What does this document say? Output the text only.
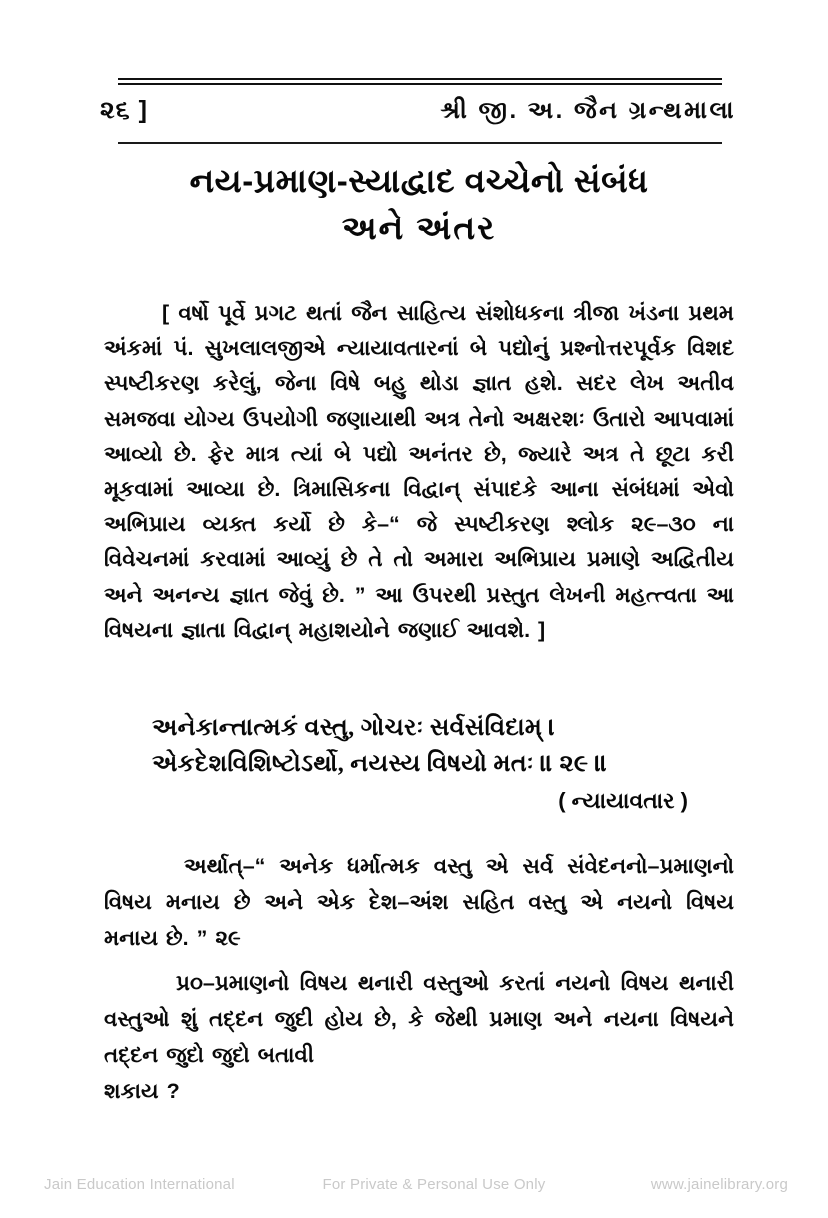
૨૬ ]	શ્રી જી. અ. જૈન ગ્રન્થમાલા
નય-પ્રમાણ-સ્યાદ્વાદ વચ્ચેનો સંબંધ
અને અંતર
[ વર્ષો પૂર્વે પ્રગટ થતાં જૈન સાહિત્ય સંશોધકના ત્રીજા ખંડના પ્રથમ અંકમાં પં. સુખલાલજીએ ન્યાયાવતારનાં બે પદ્યોનું પ્રશ્નોત્તરપૂર્વક વિશદ સ્પષ્ટીકરણ કરેલું, જેના વિષે બહુ થોડા જ્ઞાત હશે. સદર લેખ અતીવ સમજવા યોગ્ય ઉપયોગી જણાયાથી અત્ર તેનો અક્ષરશઃ ઉતારો આપવામાં આવ્યો છે. ફેર માત્ર ત્યાં બે પદ્યો અનંતર છે, જ્યારે અત્ર તે છૂટા કરી મૂકવામાં આવ્યા છે. ત્રિમાસિકના વિદ્વાન્ સંપાદકે આના સંબંધમાં એવો અભિપ્રાય વ્યક્ત કર્યો છે કે–“ જે સ્પષ્ટીકરણ શ્લોક ૨૯–૩૦ ના વિવેચનમાં કરવામાં આવ્યું છે તે તો અમારા અભિપ્રાય પ્રમાણે અદ્વિતીય અને અનન્ય જ્ઞાત જેવું છે. ” આ ઉપરથી પ્રસ્તુત લેખની મહત્ત્વતા આ વિષયના જ્ઞાતા વિદ્વાન્ મહાશયોને જણાઈ આવશે. ]
અનેકાન્તાત્મકં વસ્તુ, ગોચરઃ સર્વસંવિદામ્ ।
એકદેશવિશિષ્ટોઽર્થો, નયસ્ય વિષયો મતઃ ॥ ૨૯ ॥
( ન્યાયાવતાર )
અર્થાત્–“ અનેક ધર્માત્મક વસ્તુ એ સર્વ સંવેદનનો–પ્રમાણનો વિષય મનાય છે અને એક દેશ–અંશ સહિત વસ્તુ એ નયનો વિષય મનાય છે. ” ૨૯
પ્ર૦–પ્રમાણનો વિષય થનારી વસ્તુઓ કરતાં નયનો વિષય થનારી વસ્તુઓ શું તદ્દન જુદી હોય છે, કે જેથી પ્રમાણ અને નયના વિષયને તદ્દન જુદો જુદો બતાવી
શકાય ?
Jain Education International	For Private & Personal Use Only	www.jainelibrary.org
